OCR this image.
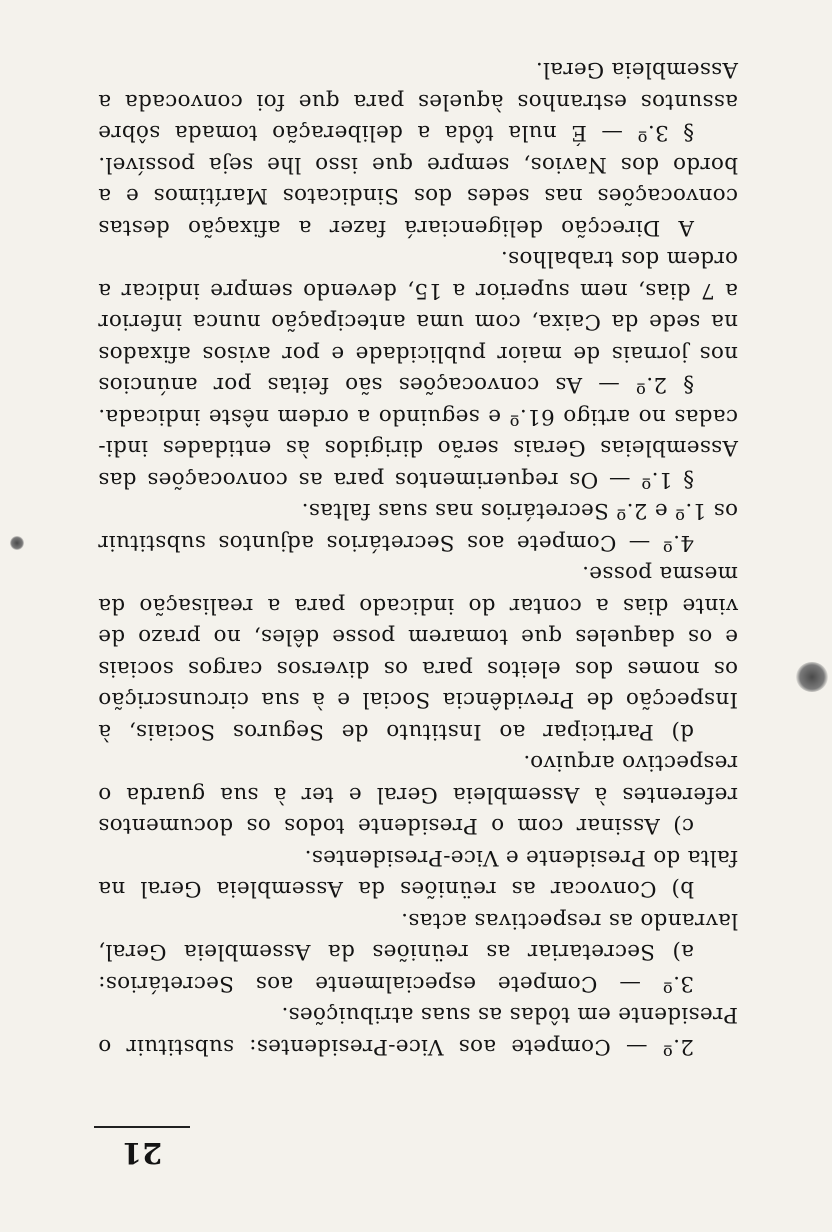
21
2.º — Compete aos Vice-Presidentes: substituir o
Presidente em tôdas as suas atribuições.
3.º — Compete especialmente aos Secretários:
a) Secretariar as reüniões da Assembleia Geral,
lavrando as respectivas actas.
b) Convocar as reüniões da Assembleia Geral na
falta do Presidente e Vice-Presidentes.
c) Assinar com o Presidente todos os documentos
referentes à Assembleia Geral e ter à sua guarda o
respectivo arquivo.
d) Participar ao Instituto de Seguros Sociais, à
Inspecção de Previdência Social e à sua circunscrição
os nomes dos eleitos para os diversos cargos sociais
e os daqueles que tomarem posse dêles, no prazo de
vinte dias a contar do indicado para a realisação da
mesma posse.
4.º — Compete aos Secretários adjuntos substituir
os 1.º e 2.º Secretários nas suas faltas.
§ 1.º — Os requerimentos para as convocações das
Assembleias Gerais serão dirigidos às entidades indi-
cadas no artigo 61.º e seguindo a ordem nêste indicada.
§ 2.º — As convocações são feitas por anúncios
nos jornais de maior publicidade e por avisos afixados
na sede da Caixa, com uma antecipação nunca inferior
a 7 dias, nem superior a 15, devendo sempre indicar a
ordem dos trabalhos.
A Direcção deligenciará fazer a afixação destas
convocações nas sedes dos Sindicatos Marítimos e a
bordo dos Navios, sempre que isso lhe seja possível.
§ 3.º — É nula tôda a deliberação tomada sôbre
assuntos estranhos àqueles para que foi convocada a
Assembleia Geral.
